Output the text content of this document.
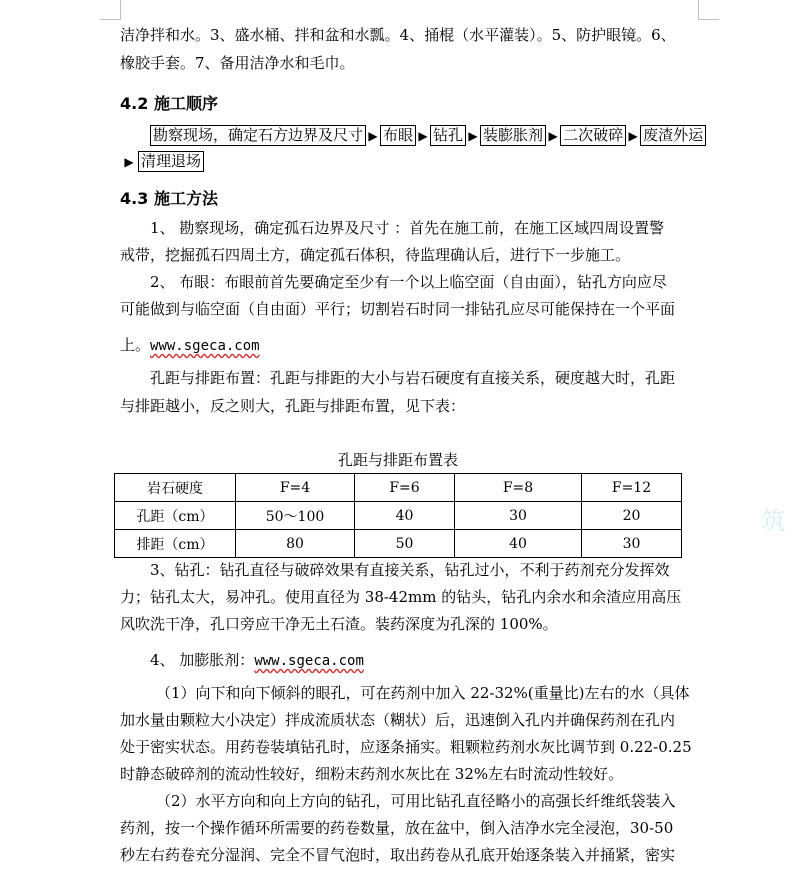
洁净拌和水。3、盛水桶、拌和盆和水瓢。4、捅棍（水平灌装）。5、防护眼镜。6、
橡胶手套。7、备用洁净水和毛巾。
4.2 施工顺序
勘察现场，确定石方边界及尺寸 ▶ 布眼 ▶ 钻孔 ▶ 装膨胀剂 ▶ 二次破碎 ▶ 废渣外运
▶ 清理退场
4.3 施工方法
1、 勘察现场，确定孤石边界及尺寸 ：首先在施工前，在施工区域四周设置警
戒带，挖掘孤石四周土方，确定孤石体积，待监理确认后，进行下一步施工。
2、 布眼：布眼前首先要确定至少有一个以上临空面（自由面），钻孔方向应尽
可能做到与临空面（自由面）平行；切割岩石时同一排钻孔应尽可能保持在一个平面
上。www.sgeca.com
孔距与排距布置：孔距与排距的大小与岩石硬度有直接关系，硬度越大时，孔距
与排距越小，反之则大，孔距与排距布置，见下表：
孔距与排距布置表
岩石硬度	F=4	F=6	F=8	F=12
孔距（cm）	50～100	40	30	20
排距（cm）	80	50	40	30
筑
3、钻孔：钻孔直径与破碎效果有直接关系，钻孔过小，不利于药剂充分发挥效
力；钻孔太大，易冲孔。使用直径为 38-42mm 的钻头，钻孔内余水和余渣应用高压
风吹洗干净，孔口旁应干净无土石渣。装药深度为孔深的 100%。
4、 加膨胀剂：www.sgeca.com
（1）向下和向下倾斜的眼孔，可在药剂中加入 22-32%(重量比)左右的水（具体
加水量由颗粒大小决定）拌成流质状态（糊状）后，迅速倒入孔内并确保药剂在孔内
处于密实状态。用药卷装填钻孔时，应逐条捅实。粗颗粒药剂水灰比调节到 0.22-0.25
时静态破碎剂的流动性较好，细粉末药剂水灰比在 32%左右时流动性较好。
（2）水平方向和向上方向的钻孔，可用比钻孔直径略小的高强长纤维纸袋装入
药剂，按一个操作循环所需要的药卷数量，放在盆中，倒入洁净水完全浸泡，30-50
秒左右药卷充分湿润、完全不冒气泡时，取出药卷从孔底开始逐条装入并捅紧，密实
